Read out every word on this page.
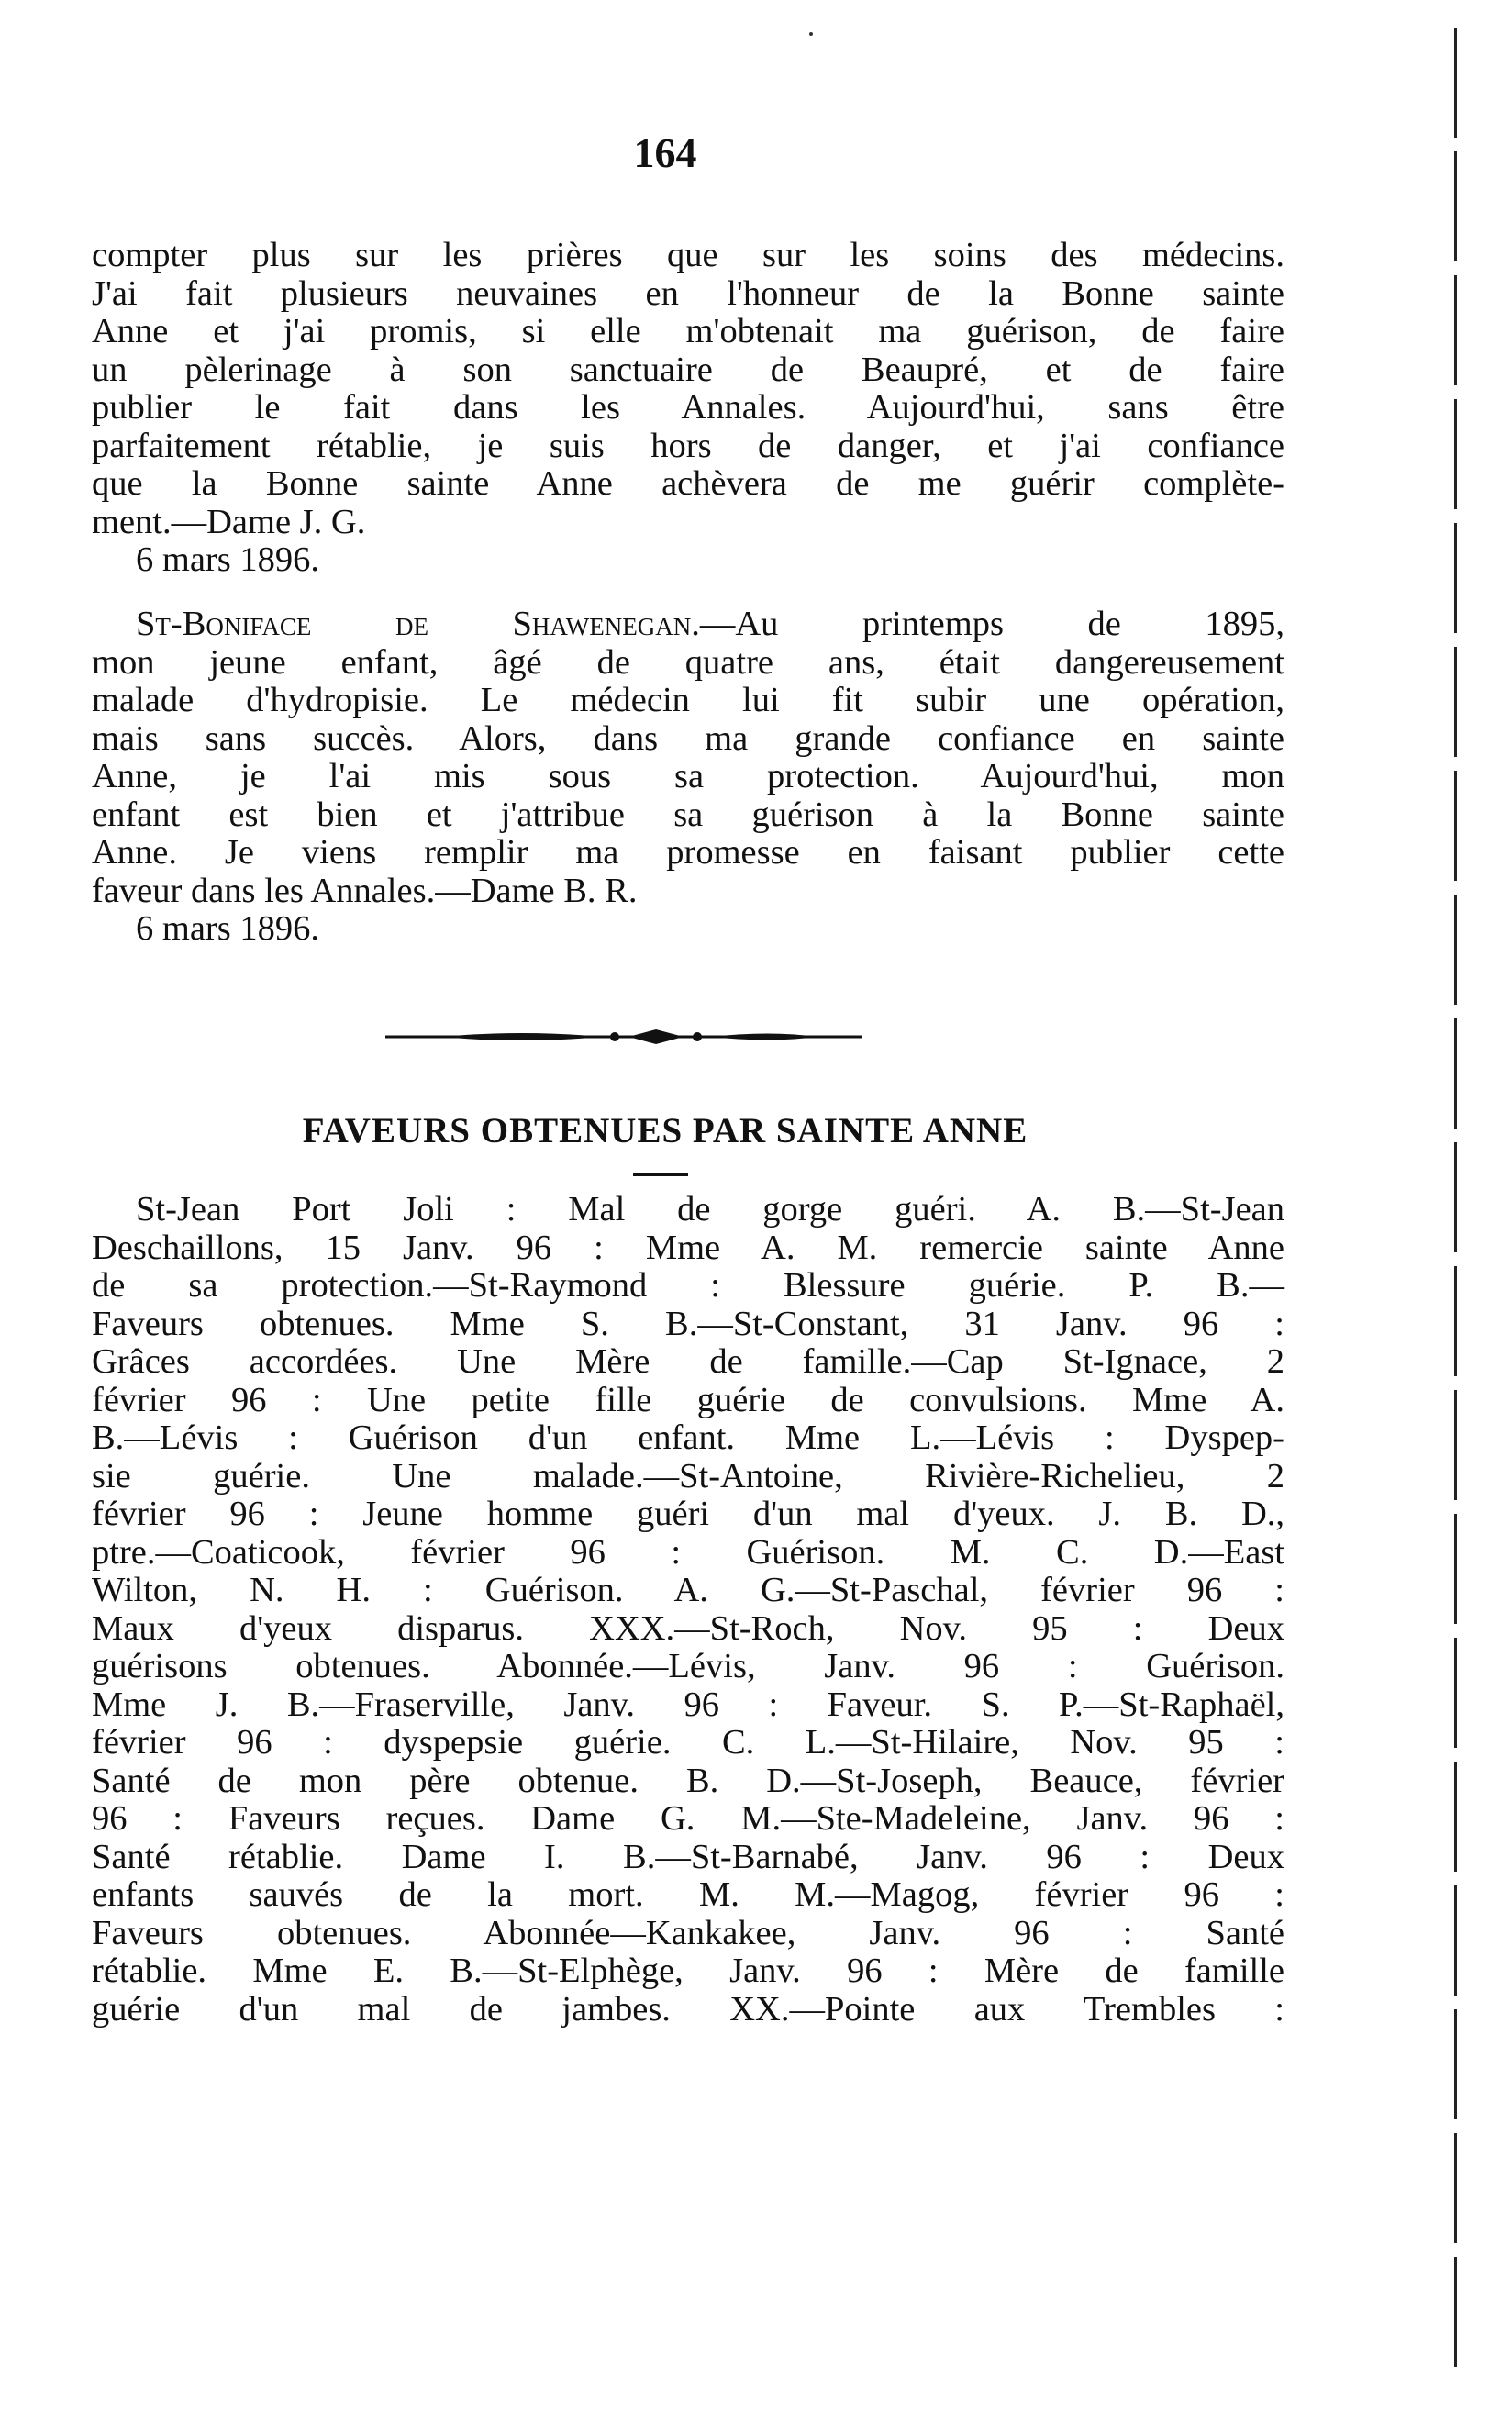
164
compter plus sur les prières que sur les soins des médecins.
J'ai fait plusieurs neuvaines en l'honneur de la Bonne sainte
Anne et j'ai promis, si elle m'obtenait ma guérison, de faire
un pèlerinage à son sanctuaire de Beaupré, et de faire
publier le fait dans les Annales. Aujourd'hui, sans être
parfaitement rétablie, je suis hors de danger, et j'ai confiance
que la Bonne sainte Anne achèvera de me guérir complète-
ment.—Dame J. G.
6 mars 1896.
St-Boniface de Shawenegan.—Au printemps de 1895,
mon jeune enfant, âgé de quatre ans, était dangereusement
malade d'hydropisie. Le médecin lui fit subir une opération,
mais sans succès. Alors, dans ma grande confiance en sainte
Anne, je l'ai mis sous sa protection. Aujourd'hui, mon
enfant est bien et j'attribue sa guérison à la Bonne sainte
Anne. Je viens remplir ma promesse en faisant publier cette
faveur dans les Annales.—Dame B. R.
6 mars 1896.
FAVEURS OBTENUES PAR SAINTE ANNE
St-Jean Port Joli : Mal de gorge guéri. A. B.—St-Jean
Deschaillons, 15 Janv. 96 : Mme A. M. remercie sainte Anne
de sa protection.—St-Raymond : Blessure guérie. P. B.—
Faveurs obtenues. Mme S. B.—St-Constant, 31 Janv. 96 :
Grâces accordées. Une Mère de famille.—Cap St-Ignace, 2
février 96 : Une petite fille guérie de convulsions. Mme A.
B.—Lévis : Guérison d'un enfant. Mme L.—Lévis : Dyspep-
sie guérie. Une malade.—St-Antoine, Rivière-Richelieu, 2
février 96 : Jeune homme guéri d'un mal d'yeux. J. B. D.,
ptre.—Coaticook, février 96 : Guérison. M. C. D.—East
Wilton, N. H. : Guérison. A. G.—St-Paschal, février 96 :
Maux d'yeux disparus. XXX.—St-Roch, Nov. 95 : Deux
guérisons obtenues. Abonnée.—Lévis, Janv. 96 : Guérison.
Mme J. B.—Fraserville, Janv. 96 : Faveur. S. P.—St-Raphaël,
février 96 : dyspepsie guérie. C. L.—St-Hilaire, Nov. 95 :
Santé de mon père obtenue. B. D.—St-Joseph, Beauce, février
96 : Faveurs reçues. Dame G. M.—Ste-Madeleine, Janv. 96 :
Santé rétablie. Dame I. B.—St-Barnabé, Janv. 96 : Deux
enfants sauvés de la mort. M. M.—Magog, février 96 :
Faveurs obtenues. Abonnée—Kankakee, Janv. 96 : Santé
rétablie. Mme E. B.—St-Elphège, Janv. 96 : Mère de famille
guérie d'un mal de jambes. XX.—Pointe aux Trembles :
